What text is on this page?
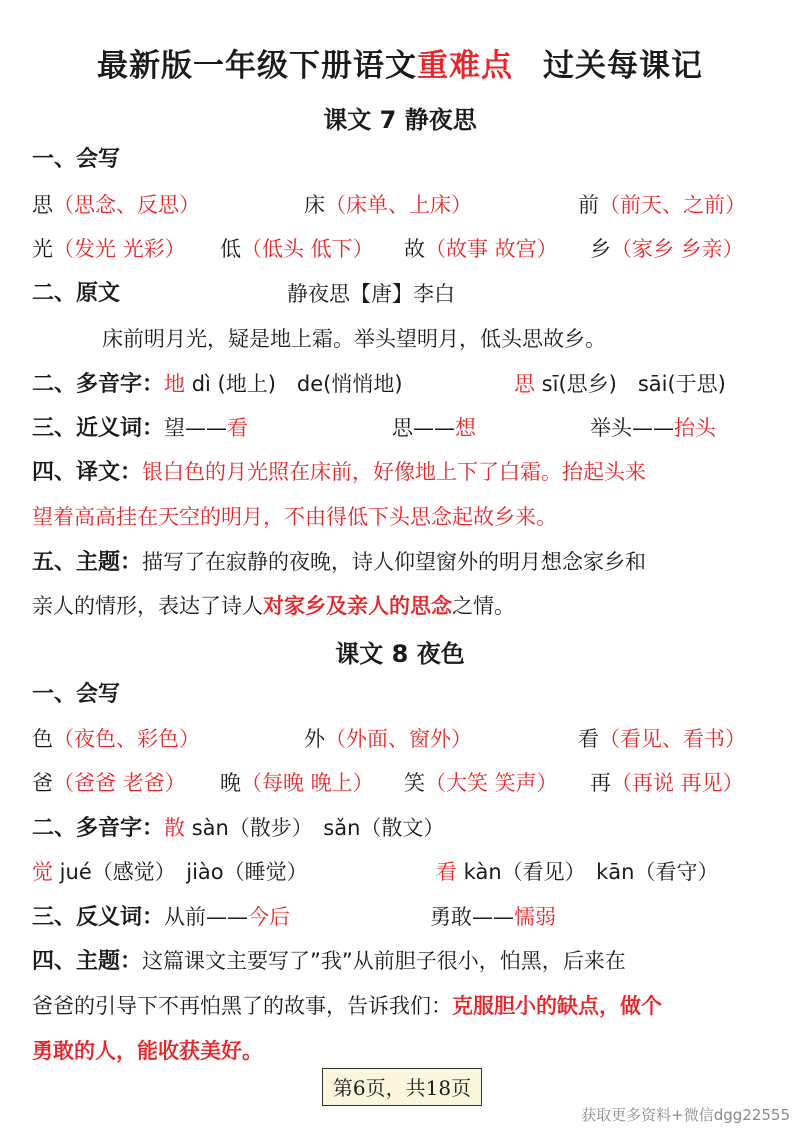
最新版一年级下册语文重难点 过关每课记
课文 7 静夜思
一、会写
思（思念、反思）	床（床单、上床）	前（前天、之前）
光（发光 光彩） 低（低头 低下） 故（故事 故宫） 乡（家乡 乡亲）
二、原文	静夜思【唐】李白
床前明月光，疑是地上霜。举头望明月，低头思故乡。
二、多音字：地 dì (地上)　de(悄悄地)	思 sī(思乡)　sāi(于思)
三、近义词：望——看	思——想	举头——抬头
四、译文：银白色的月光照在床前，好像地上下了白霜。抬起头来
望着高高挂在天空的明月，不由得低下头思念起故乡来。
五、主题：描写了在寂静的夜晚，诗人仰望窗外的明月想念家乡和
亲人的情形，表达了诗人对家乡及亲人的思念之情。
课文 8 夜色
一、会写
色（夜色、彩色）	外（外面、窗外）	看（看见、看书）
爸（爸爸 老爸） 晚（每晚 晚上） 笑（大笑 笑声） 再（再说 再见）
二、多音字：散 sàn（散步）　sǎn（散文）
觉 jué（感觉）　jiào（睡觉）	看 kàn（看见）　kān（看守）
三、反义词：从前——今后	勇敢——懦弱
四、主题：这篇课文主要写了”我”从前胆子很小，怕黑，后来在
爸爸的引导下不再怕黑了的故事，告诉我们：克服胆小的缺点，做个
勇敢的人，能收获美好。
第6页，共18页
获取更多资料+微信dgg22555
